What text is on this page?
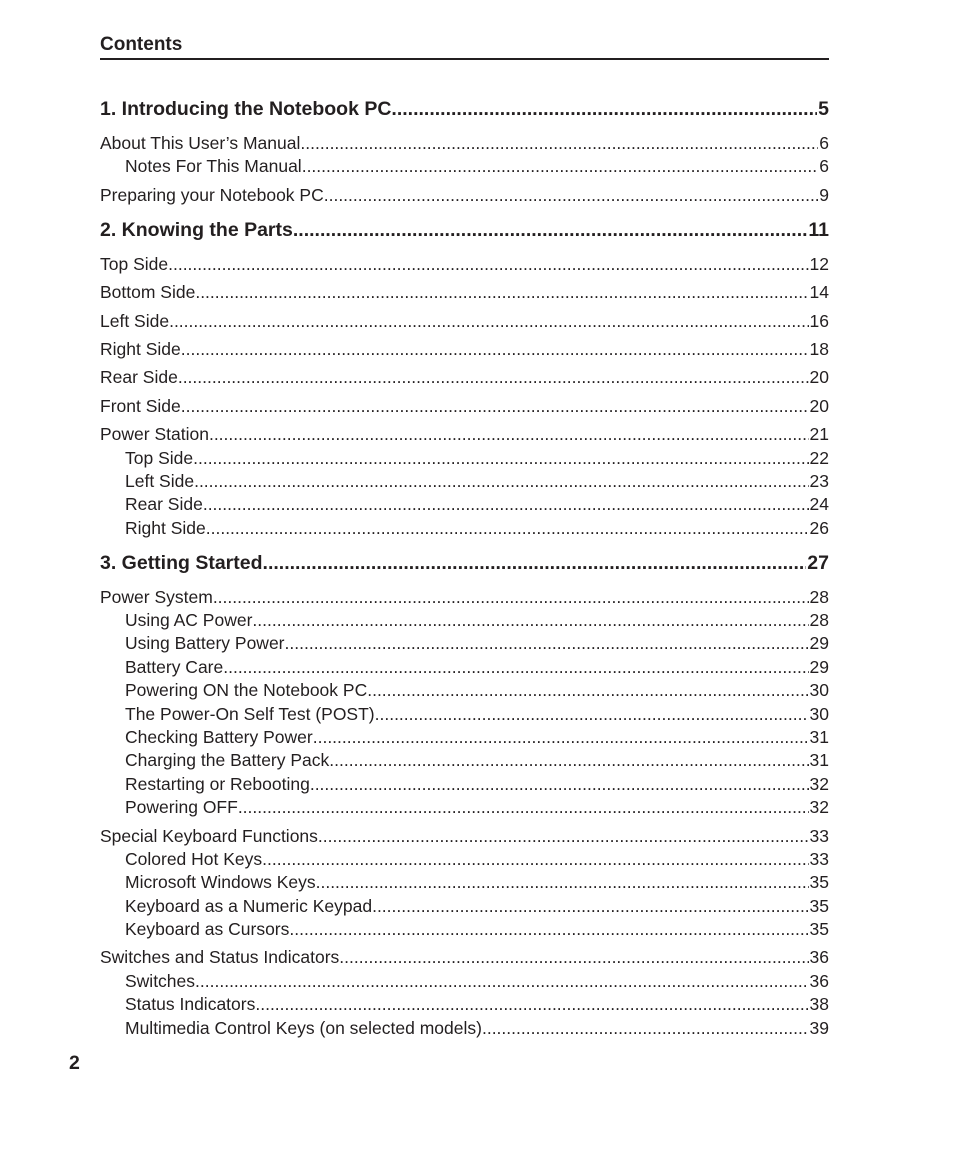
Contents
1. Introducing the Notebook PC .....	5
About This User’s Manual .....	6
Notes For This Manual .....	6
Preparing your Notebook PC .....	9
2. Knowing the Parts .....	11
Top Side .....	12
Bottom Side .....	14
Left Side .....	16
Right Side .....	18
Rear Side .....	20
Front Side .....	20
Power Station .....	21
Top Side .....	22
Left Side .....	23
Rear Side .....	24
Right Side .....	26
3. Getting Started .....	27
Power System .....	28
Using AC Power .....	28
Using Battery Power .....	29
Battery Care .....	29
Powering ON the Notebook PC .....	30
The Power-On Self Test (POST) .....	30
Checking Battery Power .....	31
Charging the Battery Pack .....	31
Restarting or Rebooting .....	32
Powering OFF .....	32
Special Keyboard Functions .....	33
Colored Hot Keys .....	33
Microsoft Windows Keys .....	35
Keyboard as a Numeric Keypad .....	35
Keyboard as Cursors .....	35
Switches and Status Indicators .....	36
Switches .....	36
Status Indicators .....	38
Multimedia Control Keys (on selected models) .....	39
2
